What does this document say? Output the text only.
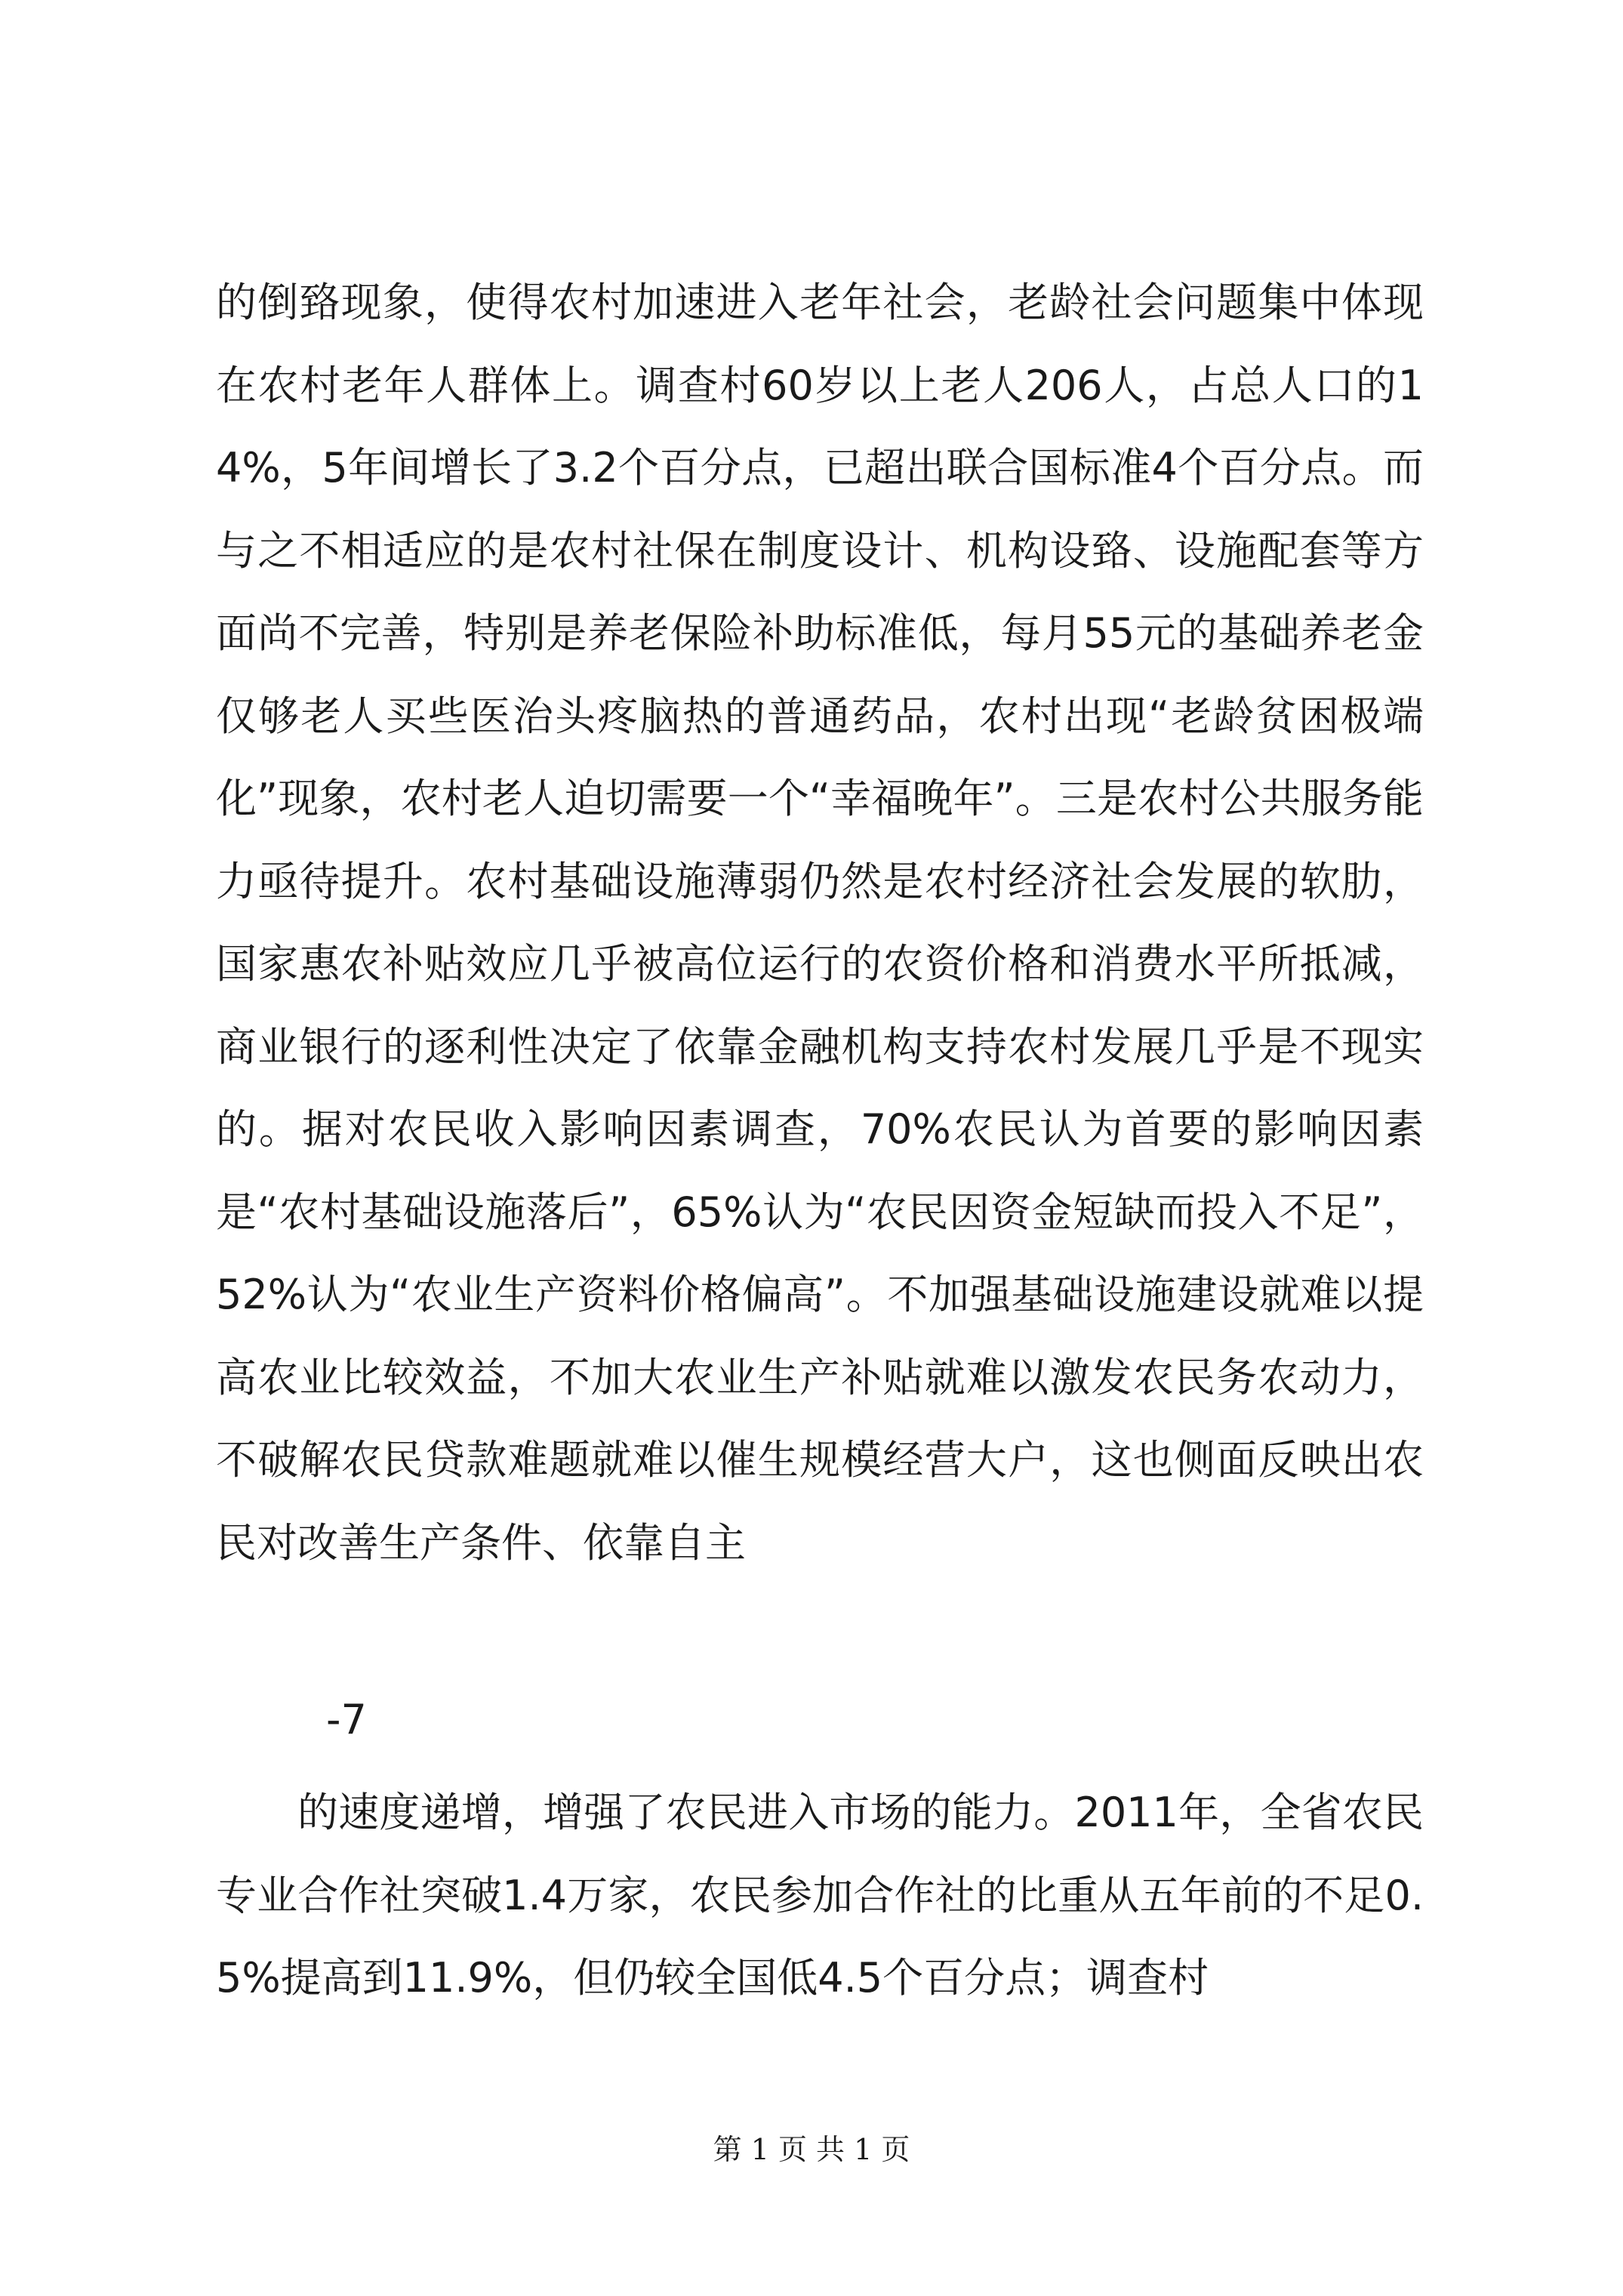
的倒臵现象，使得农村加速进入老年社会，老龄社会问题集中体现在农村老年人群体上。调查村60岁以上老人206人，占总人口的14%，5年间增长了3.2个百分点，已超出联合国标准4个百分点。而与之不相适应的是农村社保在制度设计、机构设臵、设施配套等方面尚不完善，特别是养老保险补助标准低，每月55元的基础养老金仅够老人买些医治头疼脑热的普通药品，农村出现“老龄贫困极端化”现象，农村老人迫切需要一个“幸福晚年”。三是农村公共服务能力亟待提升。农村基础设施薄弱仍然是农村经济社会发展的软肋，国家惠农补贴效应几乎被高位运行的农资价格和消费水平所抵减，商业银行的逐利性决定了依靠金融机构支持农村发展几乎是不现实的。据对农民收入影响因素调查，70%农民认为首要的影响因素是“农村基础设施落后”，65%认为“农民因资金短缺而投入不足”，52%认为“农业生产资料价格偏高”。不加强基础设施建设就难以提高农业比较效益，不加大农业生产补贴就难以激发农民务农动力，不破解农民贷款难题就难以催生规模经营大户，这也侧面反映出农民对改善生产条件、依靠自主

-7

的速度递增，增强了农民进入市场的能力。2011年，全省农民专业合作社突破1.4万家，农民参加合作社的比重从五年前的不足0.5%提高到11.9%，但仍较全国低4.5个百分点；调查村

第 1 页 共 1 页
